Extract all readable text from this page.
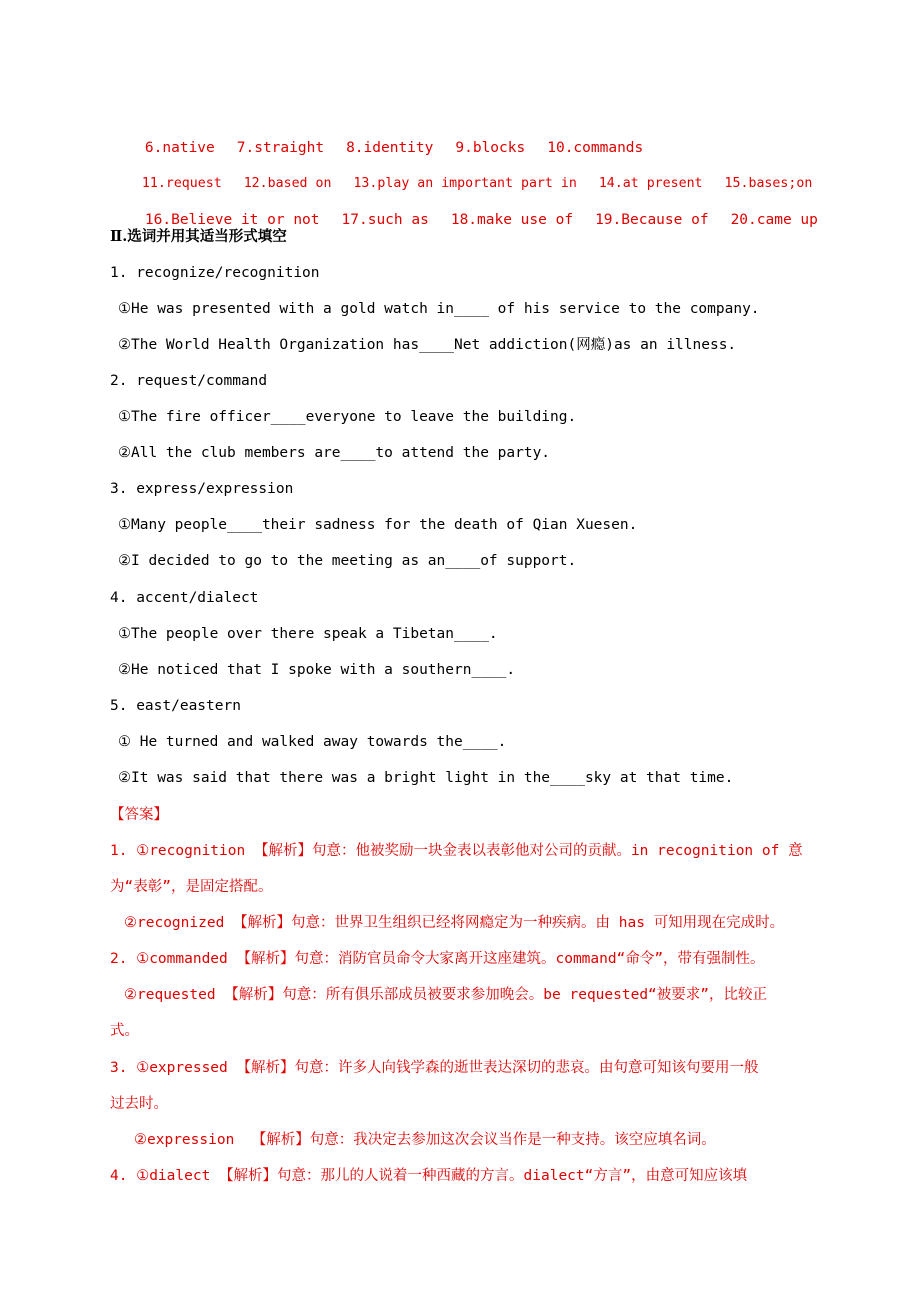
6.native 7.straight 8.identity 9.blocks 10.commands

11.request 12.based on 13.play an important part in 14.at present 15.bases;on

16.Believe it or not 17.such as 18.make use of 19.Because of 20.came up

Ⅱ.选词并用其适当形式填空
1. recognize/recognition
①He was presented with a gold watch in____ of his service to the company.
②The World Health Organization has____Net addiction(网瘾)as an illness.
2. request/command
①The fire officer____everyone to leave the building.
②All the club members are____to attend the party.
3. express/expression
①Many people____their sadness for the death of Qian Xuesen.
②I decided to go to the meeting as an____of support.
4. accent/dialect
①The people over there speak a Tibetan____.
②He noticed that I spoke with a southern____.
5. east/eastern
① He turned and walked away towards the____.
②It was said that there was a bright light in the____sky at that time.
【答案】
1. ①recognition 【解析】句意：他被奖励一块金表以表彰他对公司的贡献。in recognition of 意
为“表彰”，是固定搭配。
②recognized 【解析】句意：世界卫生组织已经将网瘾定为一种疾病。由 has 可知用现在完成时。
2. ①commanded 【解析】句意：消防官员命令大家离开这座建筑。command“命令”，带有强制性。
②requested 【解析】句意：所有俱乐部成员被要求参加晚会。be requested“被要求”，比较正
式。
3. ①expressed 【解析】句意：许多人向钱学森的逝世表达深切的悲哀。由句意可知该句要用一般
过去时。
②expression  【解析】句意：我决定去参加这次会议当作是一种支持。该空应填名词。
4. ①dialect 【解析】句意：那儿的人说着一种西藏的方言。dialect“方言”，由意可知应该填
